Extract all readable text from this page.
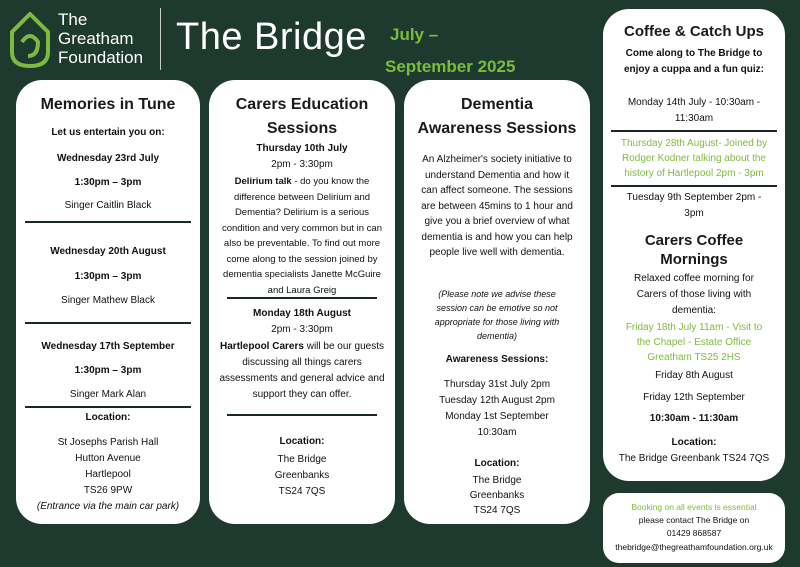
The
Greatham
Foundation The Bridge July –
September 2025
Memories in Tune
Let us entertain you on:
Wednesday 23rd July
1:30pm – 3pm
Singer Caitlin Black
Wednesday 20th August
1:30pm – 3pm
Singer Mathew Black
Wednesday 17th September
1:30pm – 3pm
Singer Mark Alan
Location:
St Josephs Parish Hall
Hutton Avenue
Hartlepool
TS26 9PW
(Entrance via the main car park)
Carers Education
Sessions
Thursday 10th July
2pm - 3:30pm
Delirium talk - do you know the difference between Delirium and Dementia? Delirium is a serious condition and very common but in can also be preventable. To find out more come along to the session joined by dementia specialists Janette McGuire and Laura Greig
Monday 18th August
2pm - 3:30pm
Hartlepool Carers will be our guests discussing all things carers assessments and general advice and support they can offer.
Location:
The Bridge
Greenbanks
TS24 7QS
Dementia
Awareness Sessions
An Alzheimer's society initiative to understand Dementia and how it can affect someone. The sessions are between 45mins to 1 hour and give you a brief overview of what dementia is and how you can help people live well with dementia.
(Please note we advise these session can be emotive so not appropriate for those living with dementia)
Awareness Sessions:
Thursday 31st July 2pm
Tuesday 12th August 2pm
Monday 1st September
10:30am
Location:
The Bridge
Greenbanks
TS24 7QS
Coffee & Catch Ups
Come along to The Bridge to
enjoy a cuppa and a fun quiz:
Monday 14th July - 10:30am -
11:30am
Thursday 28th August- Joined by
Rodger Kodner talking about the
history of Hartlepool 2pm - 3pm
Tuesday 9th September 2pm -
3pm
Carers Coffee
Mornings
Relaxed coffee morning for
Carers of those living with
dementia:
Friday 18th July 11am - Visit to
the Chapel - Estate Office
Greatham TS25 2HS
Friday 8th August
Friday 12th September
10:30am - 11:30am
Location:
The Bridge Greenbank TS24 7QS
Booking on all events is essential
please contact The Bridge on
01429 868587
thebridge@thegreathamfoundation.org.uk
